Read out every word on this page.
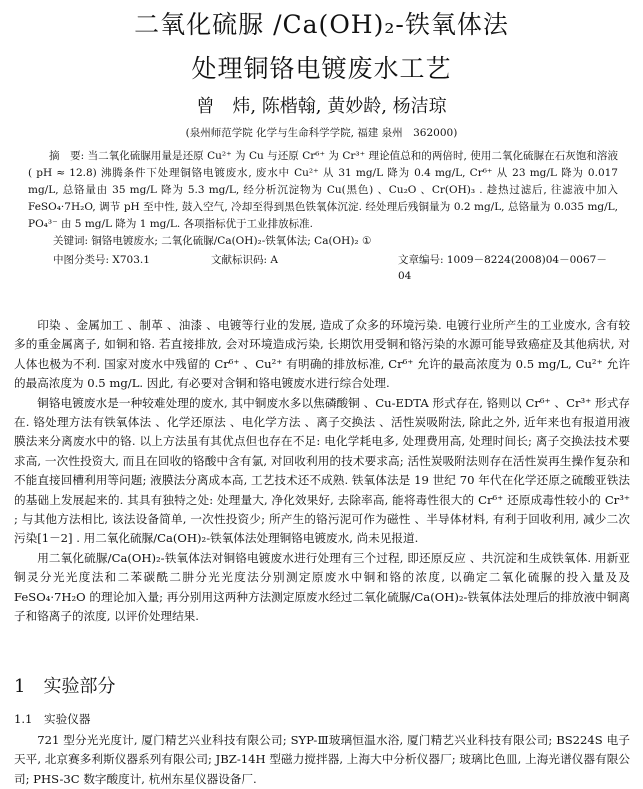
二氧化硫脲 /Ca(OH)₂-铁氧体法
处理铜铬电镀废水工艺
曾　炜, 陈楷翰, 黄妙龄, 杨洁琼
(泉州师范学院 化学与生命科学学院, 福建 泉州　362000)

摘　要: 当二氧化硫脲用量是还原 Cu²⁺ 为 Cu 与还原 Cr⁶⁺ 为 Cr³⁺ 理论值总和的两倍时, 使用二氧化硫脲在石灰饱和溶液( pH ≈ 12.8) 沸腾条件下处理铜铬电镀废水, 废水中 Cu²⁺ 从 31 mg/L 降为 0.4 mg/L, Cr⁶⁺ 从 23 mg/L 降为 0.017 mg/L, 总铬量由 35 mg/L 降为 5.3 mg/L, 经分析沉淀物为 Cu(黑色) 、Cu₂O 、Cr(OH)₃ . 趁热过滤后, 往滤液中加入 FeSO₄·7H₂O, 调节 pH 至中性, 鼓入空气, 冷却至得到黑色铁氧体沉淀. 经处理后残铜量为 0.2 mg/L, 总铬量为 0.035 mg/L, PO₄³⁻ 由 5 mg/L 降为 1 mg/L. 各项指标优于工业排放标准.

关键词: 铜铬电镀废水; 二氧化硫脲/Ca(OH)₂-铁氧体法; Ca(OH)₂ ①
中图分类号: X703.1	文献标识码: A	文章编号: 1009－8224(2008)04－0067－04

印染 、金属加工 、制革 、油漆 、电镀等行业的发展, 造成了众多的环境污染. 电镀行业所产生的工业废水, 含有较多的重金属离子, 如铜和铬. 若直接排放, 会对环境造成污染, 长期饮用受铜和铬污染的水源可能导致癌症及其他病状, 对人体也极为不利. 国家对废水中残留的 Cr⁶⁺ 、Cu²⁺ 有明确的排放标准, Cr⁶⁺ 允许的最高浓度为 0.5 mg/L, Cu²⁺ 允许的最高浓度为 0.5 mg/L. 因此, 有必要对含铜和铬电镀废水进行综合处理.

铜铬电镀废水是一种较难处理的废水, 其中铜废水多以焦磷酸铜 、Cu-EDTA 形式存在, 铬则以 Cr⁶⁺ 、Cr³⁺ 形式存在. 铬处理方法有铁氧体法 、化学还原法 、电化学方法 、离子交换法 、活性炭吸附法, 除此之外, 近年来也有报道用液膜法来分离废水中的铬. 以上方法虽有其优点但也存在不足: 电化学耗电多, 处理费用高, 处理时间长; 离子交换法技术要求高, 一次性投资大, 而且在回收的铬酸中含有氯, 对回收利用的技术要求高; 活性炭吸附法则存在活性炭再生操作复杂和不能直接回槽利用等问题; 液膜法分离成本高, 工艺技术还不成熟. 铁氧体法是 19 世纪 70 年代在化学还原之硫酸亚铁法的基础上发展起来的. 其具有独特之处: 处理量大, 净化效果好, 去除率高, 能将毒性很大的 Cr⁶⁺ 还原成毒性较小的 Cr³⁺ ; 与其他方法相比, 该法设备简单, 一次性投资少; 所产生的铬污泥可作为磁性 、半导体材料, 有利于回收利用, 减少二次污染[1－2] . 用二氧化硫脲/Ca(OH)₂-铁氧体法处理铜铬电镀废水, 尚未见报道.

用二氧化硫脲/Ca(OH)₂-铁氧体法对铜铬电镀废水进行处理有三个过程, 即还原反应 、共沉淀和生成铁氧体. 用新亚铜灵分光光度法和二苯碳酰二肼分光光度法分别测定原废水中铜和铬的浓度, 以确定二氧化硫脲的投入量及及 FeSO₄·7H₂O 的理论加入量; 再分别用这两种方法测定原废水经过二氧化硫脲/Ca(OH)₂-铁氧体法处理后的排放液中铜离子和铬离子的浓度, 以评价处理结果.

1　实验部分
1.1　实验仪器

721 型分光光度计, 厦门精艺兴业科技有限公司; SYP-Ⅲ玻璃恒温水浴, 厦门精艺兴业科技有限公司; BS224S 电子天平, 北京赛多利斯仪器系列有限公司; JBZ-14H 型磁力搅拌器, 上海大中分析仪器厂; 玻璃比色皿, 上海光谱仪器有限公司; PHS-3C 数字酸度计, 杭州东星仪器设备厂.
